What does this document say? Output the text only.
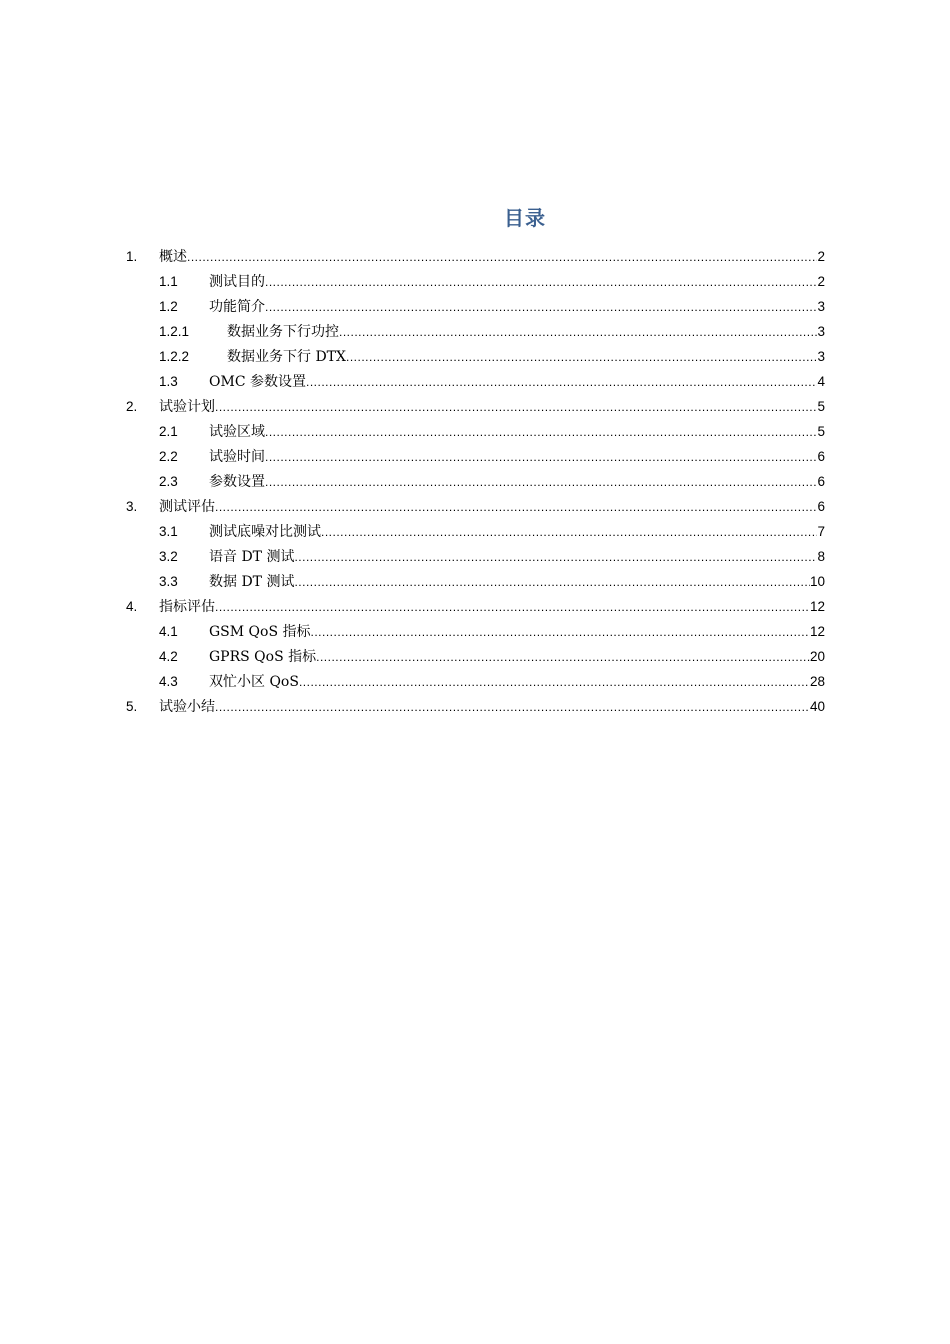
目录
1. 概述 .....	2
1.1 测试目的 .....	2
1.2 功能简介 .....	3
1.2.1	数据业务下行功控 .....	3
1.2.2	数据业务下行 DTX .....	3
1.3 OMC 参数设置 .....	4
2. 试验计划 .....	5
2.1 试验区域 .....	5
2.2 试验时间 .....	6
2.3 参数设置 .....	6
3. 测试评估 .....	6
3.1 测试底噪对比测试 .....	7
3.2 语音 DT 测试 .....	8
3.3 数据 DT 测试 .....	10
4. 指标评估 .....	12
4.1 GSM QoS 指标 .....	12
4.2 GPRS QoS 指标 .....	20
4.3 双忙小区 QoS .....	28
5. 试验小结 .....	40
